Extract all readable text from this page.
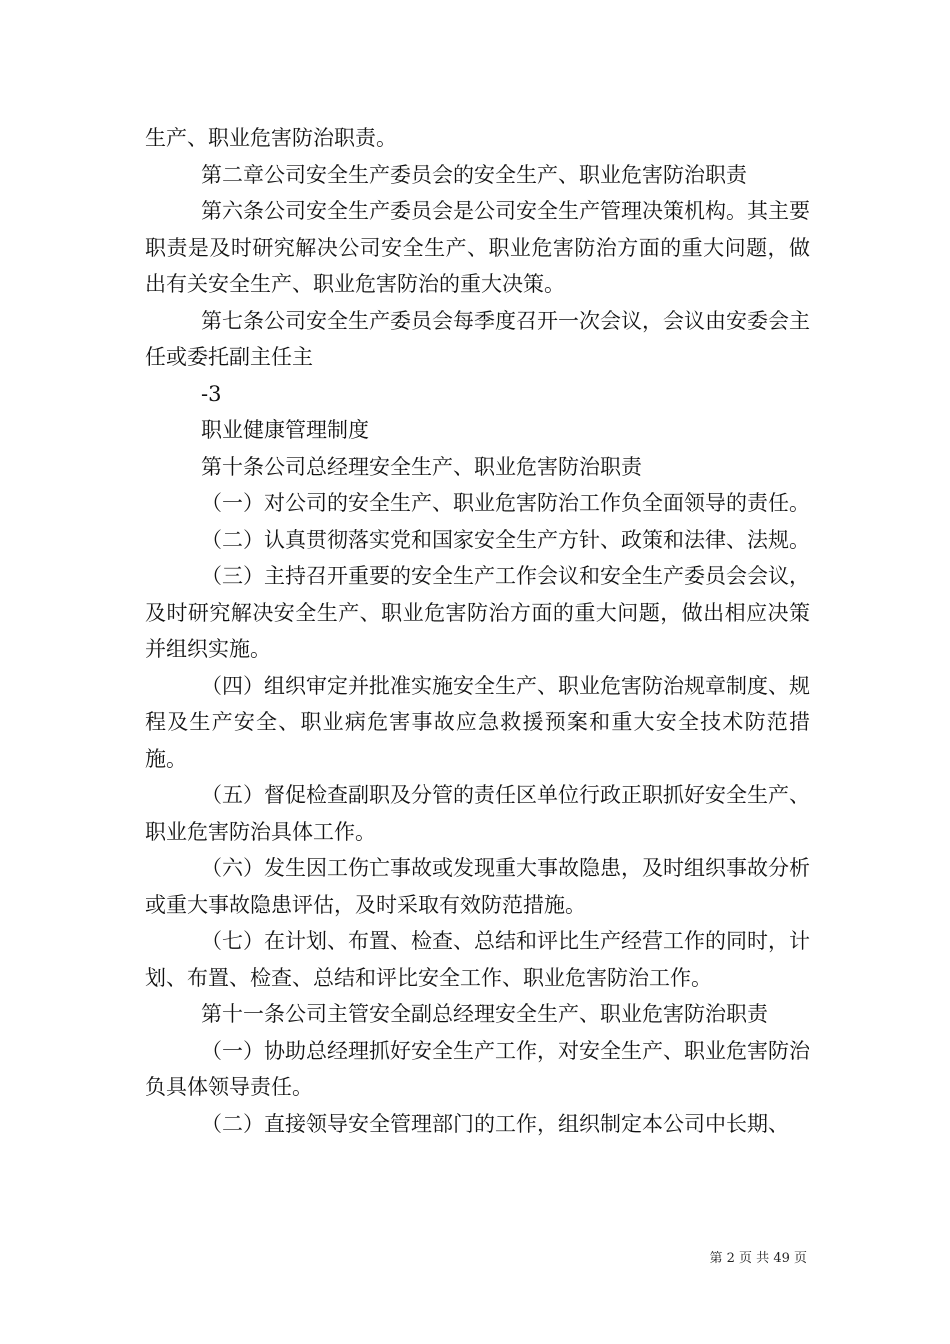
生产、职业危害防治职责。

第二章公司安全生产委员会的安全生产、职业危害防治职责

第六条公司安全生产委员会是公司安全生产管理决策机构。其主要职责是及时研究解决公司安全生产、职业危害防治方面的重大问题，做出有关安全生产、职业危害防治的重大决策。

第七条公司安全生产委员会每季度召开一次会议，会议由安委会主任或委托副主任主

-3

职业健康管理制度

第十条公司总经理安全生产、职业危害防治职责

（一）对公司的安全生产、职业危害防治工作负全面领导的责任。

（二）认真贯彻落实党和国家安全生产方针、政策和法律、法规。

（三）主持召开重要的安全生产工作会议和安全生产委员会会议，及时研究解决安全生产、职业危害防治方面的重大问题，做出相应决策并组织实施。

（四）组织审定并批准实施安全生产、职业危害防治规章制度、规程及生产安全、职业病危害事故应急救援预案和重大安全技术防范措施。

（五）督促检查副职及分管的责任区单位行政正职抓好安全生产、职业危害防治具体工作。

（六）发生因工伤亡事故或发现重大事故隐患，及时组织事故分析或重大事故隐患评估，及时采取有效防范措施。

（七）在计划、布置、检查、总结和评比生产经营工作的同时，计划、布置、检查、总结和评比安全工作、职业危害防治工作。

第十一条公司主管安全副总经理安全生产、职业危害防治职责

（一）协助总经理抓好安全生产工作，对安全生产、职业危害防治负具体领导责任。

（二）直接领导安全管理部门的工作，组织制定本公司中长期、

第 2 页 共 49 页
